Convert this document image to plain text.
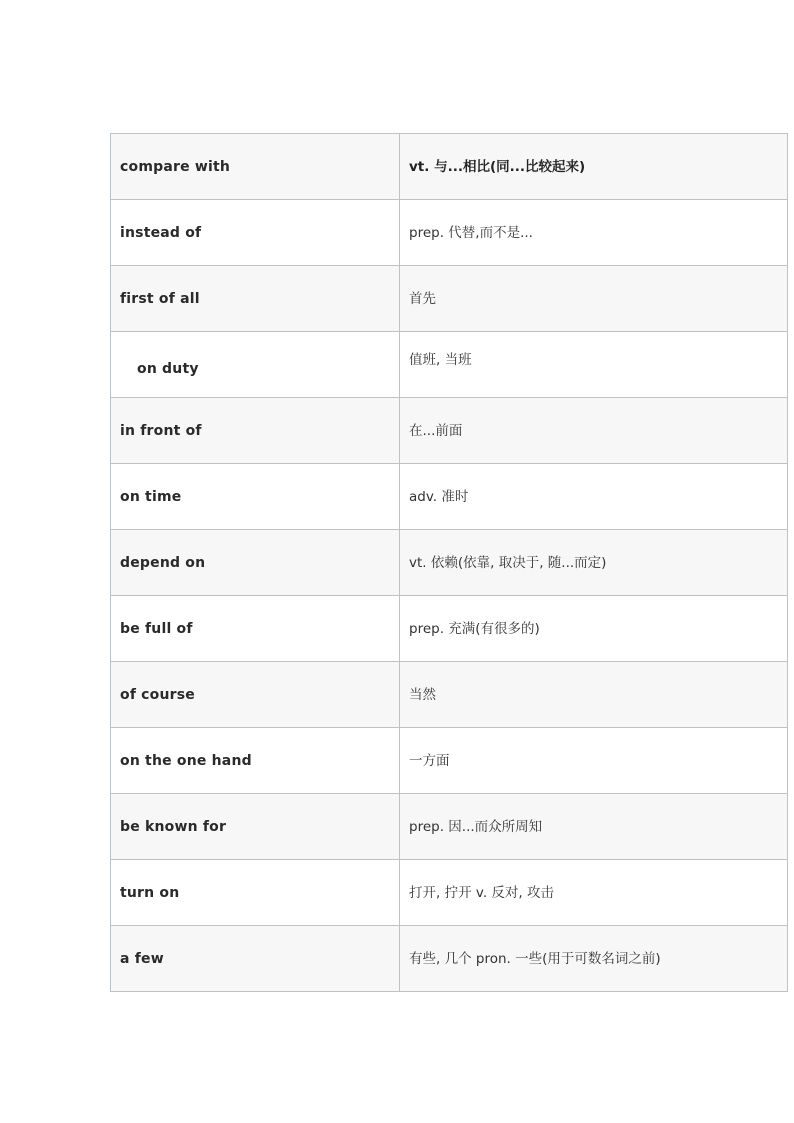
compare with	vt. 与...相比(同...比较起来)
instead of	prep. 代替,而不是...
first of all	首先
on duty	值班, 当班
in front of	在...前面
on time	adv. 准时
depend on	vt. 依赖(依靠, 取决于, 随...而定)
be full of	prep. 充满(有很多的)
of course	当然
on the one hand	一方面
be known for	prep. 因...而众所周知
turn on	打开, 拧开 v. 反对, 攻击
a few	有些, 几个 pron. 一些(用于可数名词之前)
